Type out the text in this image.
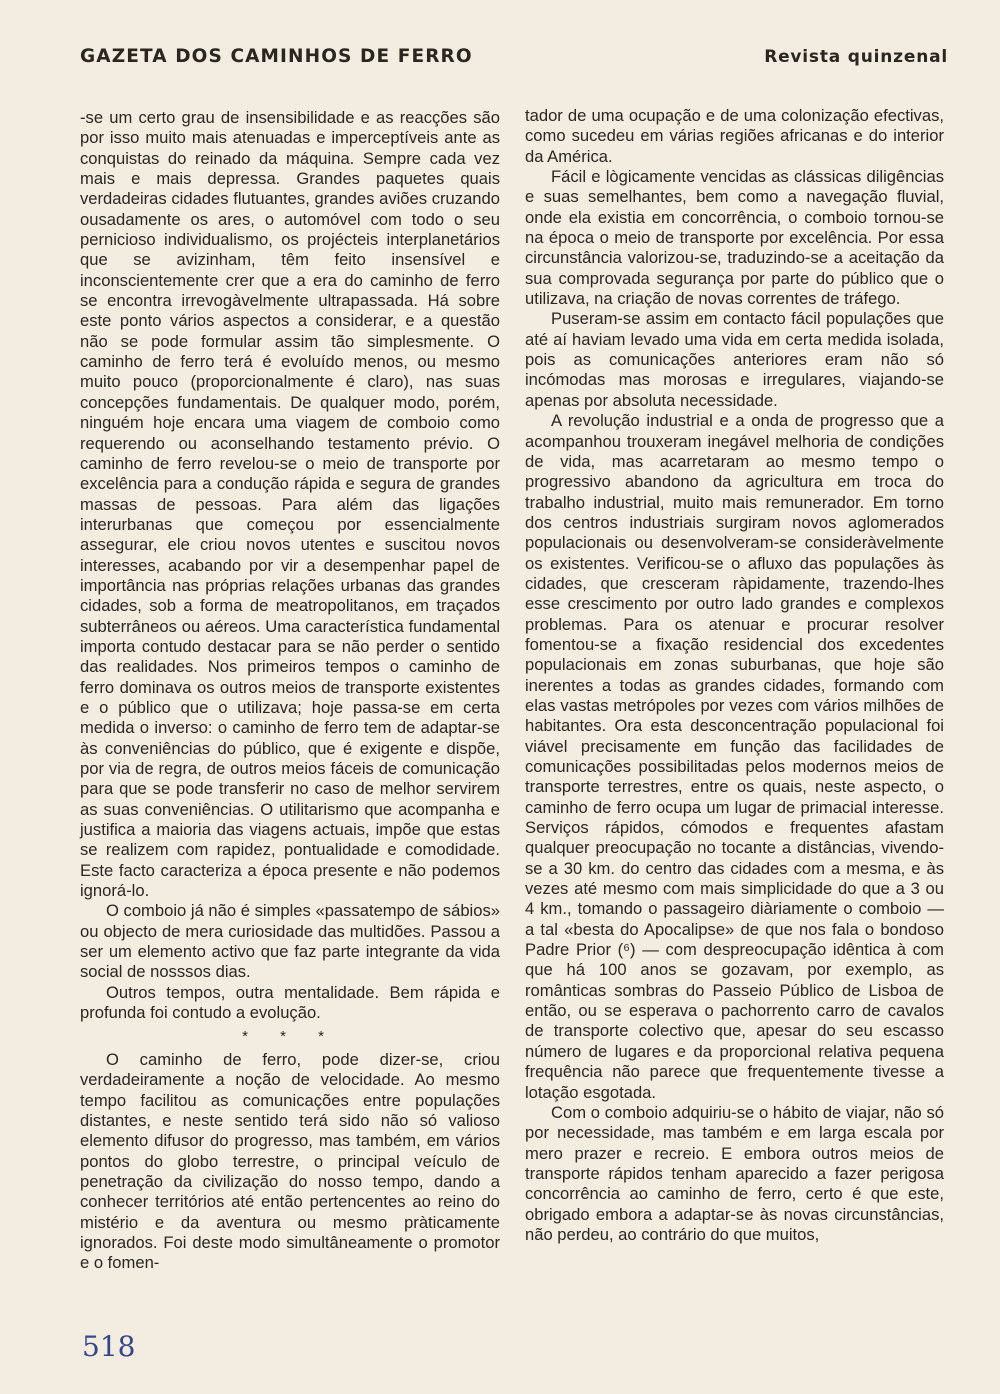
GAZETA DOS CAMINHOS DE FERRO	Revista quinzenal

-se um certo grau de insensibilidade e as reacções são por isso muito mais atenuadas e imperceptíveis ante as conquistas do reinado da máquina. Sempre cada vez mais e mais depressa. Grandes paquetes quais verdadeiras cidades flutuantes, grandes aviões cruzando ousadamente os ares, o automóvel com todo o seu pernicioso individualismo, os projécteis interplanetários que se avizinham, têm feito insensível e inconscientemente crer que a era do caminho de ferro se encontra irrevogàvelmente ultrapassada. Há sobre este ponto vários aspectos a considerar, e a questão não se pode formular assim tão simplesmente. O caminho de ferro terá é evoluído menos, ou mesmo muito pouco (proporcionalmente é claro), nas suas concepções fundamentais. De qualquer modo, porém, ninguém hoje encara uma viagem de comboio como requerendo ou aconselhando testamento prévio. O caminho de ferro revelou-se o meio de transporte por excelência para a condução rápida e segura de grandes massas de pessoas. Para além das ligações interurbanas que começou por essencialmente assegurar, ele criou novos utentes e suscitou novos interesses, acabando por vir a desempenhar papel de importância nas próprias relações urbanas das grandes cidades, sob a forma de meatropolitanos, em traçados subterrâneos ou aéreos. Uma característica fundamental importa contudo destacar para se não perder o sentido das realidades. Nos primeiros tempos o caminho de ferro dominava os outros meios de transporte existentes e o público que o utilizava; hoje passa-se em certa medida o inverso: o caminho de ferro tem de adaptar-se às conveniências do público, que é exigente e dispõe, por via de regra, de outros meios fáceis de comunicação para que se pode transferir no caso de melhor servirem as suas conveniências. O utilitarismo que acompanha e justifica a maioria das viagens actuais, impõe que estas se realizem com rapidez, pontualidade e comodidade. Este facto caracteriza a época presente e não podemos ignorá-lo.

O comboio já não é simples «passatempo de sábios» ou objecto de mera curiosidade das multidões. Passou a ser um elemento activo que faz parte integrante da vida social de nosssos dias.

Outros tempos, outra mentalidade. Bem rápida e profunda foi contudo a evolução.

* * *

O caminho de ferro, pode dizer-se, criou verdadeiramente a noção de velocidade. Ao mesmo tempo facilitou as comunicações entre populações distantes, e neste sentido terá sido não só valioso elemento difusor do progresso, mas também, em vários pontos do globo terrestre, o principal veículo de penetração da civilização do nosso tempo, dando a conhecer territórios até então pertencentes ao reino do mistério e da aventura ou mesmo pràticamente ignorados. Foi deste modo simultâneamente o promotor e o fomen-

tador de uma ocupação e de uma colonização efectivas, como sucedeu em várias regiões africanas e do interior da América.

Fácil e lògicamente vencidas as clássicas diligências e suas semelhantes, bem como a navegação fluvial, onde ela existia em concorrência, o comboio tornou-se na época o meio de transporte por excelência. Por essa circunstância valorizou-se, traduzindo-se a aceitação da sua comprovada segurança por parte do público que o utilizava, na criação de novas correntes de tráfego.

Puseram-se assim em contacto fácil populações que até aí haviam levado uma vida em certa medida isolada, pois as comunicações anteriores eram não só incómodas mas morosas e irregulares, viajando-se apenas por absoluta necessidade.

A revolução industrial e a onda de progresso que a acompanhou trouxeram inegável melhoria de condições de vida, mas acarretaram ao mesmo tempo o progressivo abandono da agricultura em troca do trabalho industrial, muito mais remunerador. Em torno dos centros industriais surgiram novos aglomerados populacionais ou desenvolveram-se consideràvelmente os existentes. Verificou-se o afluxo das populações às cidades, que cresceram ràpidamente, trazendo-lhes esse crescimento por outro lado grandes e complexos problemas. Para os atenuar e procurar resolver fomentou-se a fixação residencial dos excedentes populacionais em zonas suburbanas, que hoje são inerentes a todas as grandes cidades, formando com elas vastas metrópoles por vezes com vários milhões de habitantes. Ora esta desconcentração populacional foi viável precisamente em função das facilidades de comunicações possibilitadas pelos modernos meios de transporte terrestres, entre os quais, neste aspecto, o caminho de ferro ocupa um lugar de primacial interesse. Serviços rápidos, cómodos e frequentes afastam qualquer preocupação no tocante a distâncias, vivendo-se a 30 km. do centro das cidades com a mesma, e às vezes até mesmo com mais simplicidade do que a 3 ou 4 km., tomando o passageiro diàriamente o comboio — a tal «besta do Apocalipse» de que nos fala o bondoso Padre Prior (⁶) — com despreocupação idêntica à com que há 100 anos se gozavam, por exemplo, as românticas sombras do Passeio Público de Lisboa de então, ou se esperava o pachorrento carro de cavalos de transporte colectivo que, apesar do seu escasso número de lugares e da proporcional relativa pequena frequência não parece que frequentemente tivesse a lotação esgotada.

Com o comboio adquiriu-se o hábito de viajar, não só por necessidade, mas também e em larga escala por mero prazer e recreio. E embora outros meios de transporte rápidos tenham aparecido a fazer perigosa concorrência ao caminho de ferro, certo é que este, obrigado embora a adaptar-se às novas circunstâncias, não perdeu, ao contrário do que muitos,

518
